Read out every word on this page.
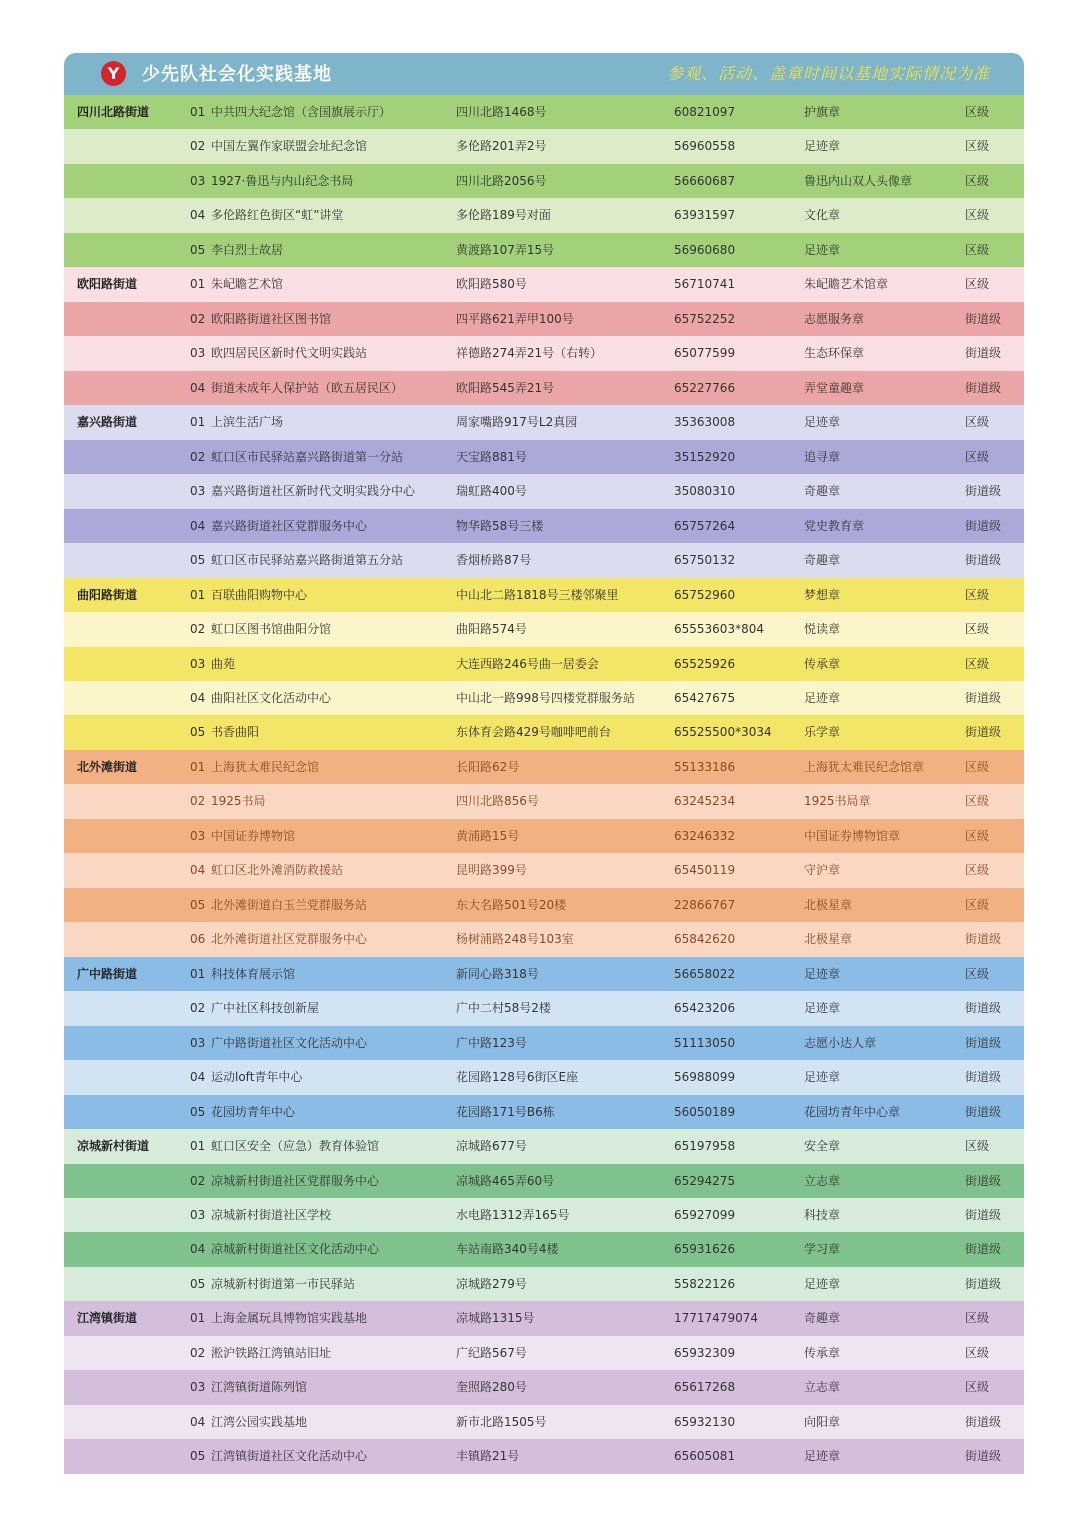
Y	少先队社会化实践基地	参观、活动、盖章时间以基地实际情况为准
四川北路街道	01 中共四大纪念馆（含国旗展示厅）	四川北路1468号	60821097	护旗章	区级
02 中国左翼作家联盟会址纪念馆	多伦路201弄2号	56960558	足迹章	区级
03 1927·鲁迅与内山纪念书局	四川北路2056号	56660687	鲁迅内山双人头像章	区级
04 多伦路红色街区“虹”讲堂	多伦路189号对面	63931597	文化章	区级
05 李白烈士故居	黄渡路107弄15号	56960680	足迹章	区级
欧阳路街道	01 朱屺瞻艺术馆	欧阳路580号	56710741	朱屺瞻艺术馆章	区级
02 欧阳路街道社区图书馆	四平路621弄甲100号	65752252	志愿服务章	街道级
03 欧四居民区新时代文明实践站	祥德路274弄21号（右转）	65077599	生态环保章	街道级
04 街道未成年人保护站（欧五居民区）	欧阳路545弄21号	65227766	弄堂童趣章	街道级
嘉兴路街道	01 上滨生活广场	周家嘴路917号L2真园	35363008	足迹章	区级
02 虹口区市民驿站嘉兴路街道第一分站	天宝路881号	35152920	追寻章	区级
03 嘉兴路街道社区新时代文明实践分中心	瑞虹路400号	35080310	奇趣章	街道级
04 嘉兴路街道社区党群服务中心	物华路58号三楼	65757264	党史教育章	街道级
05 虹口区市民驿站嘉兴路街道第五分站	香烟桥路87号	65750132	奇趣章	街道级
曲阳路街道	01 百联曲阳购物中心	中山北二路1818号三楼邻聚里	65752960	梦想章	区级
02 虹口区图书馆曲阳分馆	曲阳路574号	65553603*804	悦读章	区级
03 曲苑	大连西路246号曲一居委会	65525926	传承章	区级
04 曲阳社区文化活动中心	中山北一路998号四楼党群服务站	65427675	足迹章	街道级
05 书香曲阳	东体育会路429号咖啡吧前台	65525500*3034	乐学章	街道级
北外滩街道	01 上海犹太难民纪念馆	长阳路62号	55133186	上海犹太难民纪念馆章	区级
02 1925书局	四川北路856号	63245234	1925书局章	区级
03 中国证券博物馆	黄浦路15号	63246332	中国证券博物馆章	区级
04 虹口区北外滩消防救援站	昆明路399号	65450119	守沪章	区级
05 北外滩街道白玉兰党群服务站	东大名路501号20楼	22866767	北极星章	区级
06 北外滩街道社区党群服务中心	杨树浦路248号103室	65842620	北极星章	街道级
广中路街道	01 科技体育展示馆	新同心路318号	56658022	足迹章	区级
02 广中社区科技创新屋	广中二村58号2楼	65423206	足迹章	街道级
03 广中路街道社区文化活动中心	广中路123号	51113050	志愿小达人章	街道级
04 运动loft青年中心	花园路128号6街区E座	56988099	足迹章	街道级
05 花园坊青年中心	花园路171号B6栋	56050189	花园坊青年中心章	街道级
凉城新村街道	01 虹口区安全（应急）教育体验馆	凉城路677号	65197958	安全章	区级
02 凉城新村街道社区党群服务中心	凉城路465弄60号	65294275	立志章	街道级
03 凉城新村街道社区学校	水电路1312弄165号	65927099	科技章	街道级
04 凉城新村街道社区文化活动中心	车站南路340号4楼	65931626	学习章	街道级
05 凉城新村街道第一市民驿站	凉城路279号	55822126	足迹章	街道级
江湾镇街道	01 上海金属玩具博物馆实践基地	凉城路1315号	17717479074	奇趣章	区级
02 淞沪铁路江湾镇站旧址	广纪路567号	65932309	传承章	区级
03 江湾镇街道陈列馆	奎照路280号	65617268	立志章	区级
04 江湾公园实践基地	新市北路1505号	65932130	向阳章	街道级
05 江湾镇街道社区文化活动中心	丰镇路21号	65605081	足迹章	街道级
